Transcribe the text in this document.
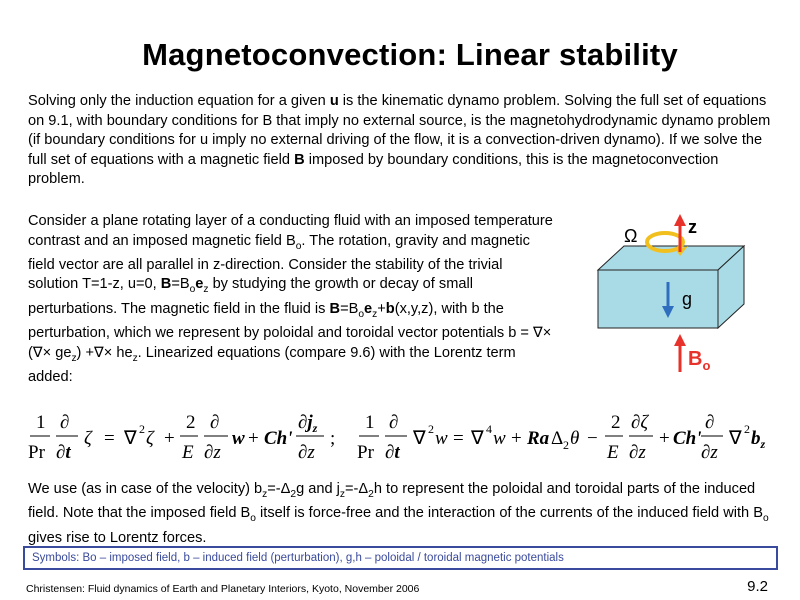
Magnetoconvection: Linear stability
Solving only the induction equation for a given u is the kinematic dynamo problem. Solving the full set of equations on 9.1, with boundary conditions for B that imply no external source, is the magnetohydrodynamic dynamo problem (if boundary conditions for u imply no external driving of the flow, it is a convection-driven dynamo). If we solve the full set of equations with a magnetic field B imposed by boundary conditions, this is the magnetoconvection problem.
Consider a plane rotating layer of a conducting fluid with an imposed temperature contrast and an imposed magnetic field $B_o$. The rotation, gravity and magnetic field vector are all parallel in z-direction. Consider the stability of the trivial solution T=1-z, u=0, $B=B_oe_z$ by studying the growth or decay of small perturbations. The magnetic field in the fluid is $B=B_oe_z+b(x,y,z)$, with b the perturbation, which we represent by poloidal and toroidal vector potentials b = ∇× (∇× $ge_z$) +∇× $he_z$. Linearized equations (compare 9.6) with the Lorentz term added:
Ω	z
g
$B_o$
1
Pr
∂
∂t
ζ = ∇ 2 ζ +
2
E
∂
∂z
w + Ch'
$\partial j_z$
∂z
;
1
Pr
∂
∂t
∇ 2 w = ∇ 4 w + Ra Δ 2 θ −
2
E
∂ζ
∂z
+ Ch'
∂
∂z
∇ 2 $b_z$
We use (as in case of the velocity) $b_z=-\Delta_2g$ and $j_z=-\Delta_2h$ to represent the poloidal and toroidal parts of the induced field. Note that the imposed field $B_o$ itself is force-free and the interaction of the currents of the induced field with $B_o$ gives rise to Lorentz forces.
Symbols: Bo – imposed field, b – induced field (perturbation), g,h – poloidal / toroidal magnetic potentials
Christensen: Fluid dynamics of Earth and Planetary Interiors, Kyoto, November 2006	9.2
